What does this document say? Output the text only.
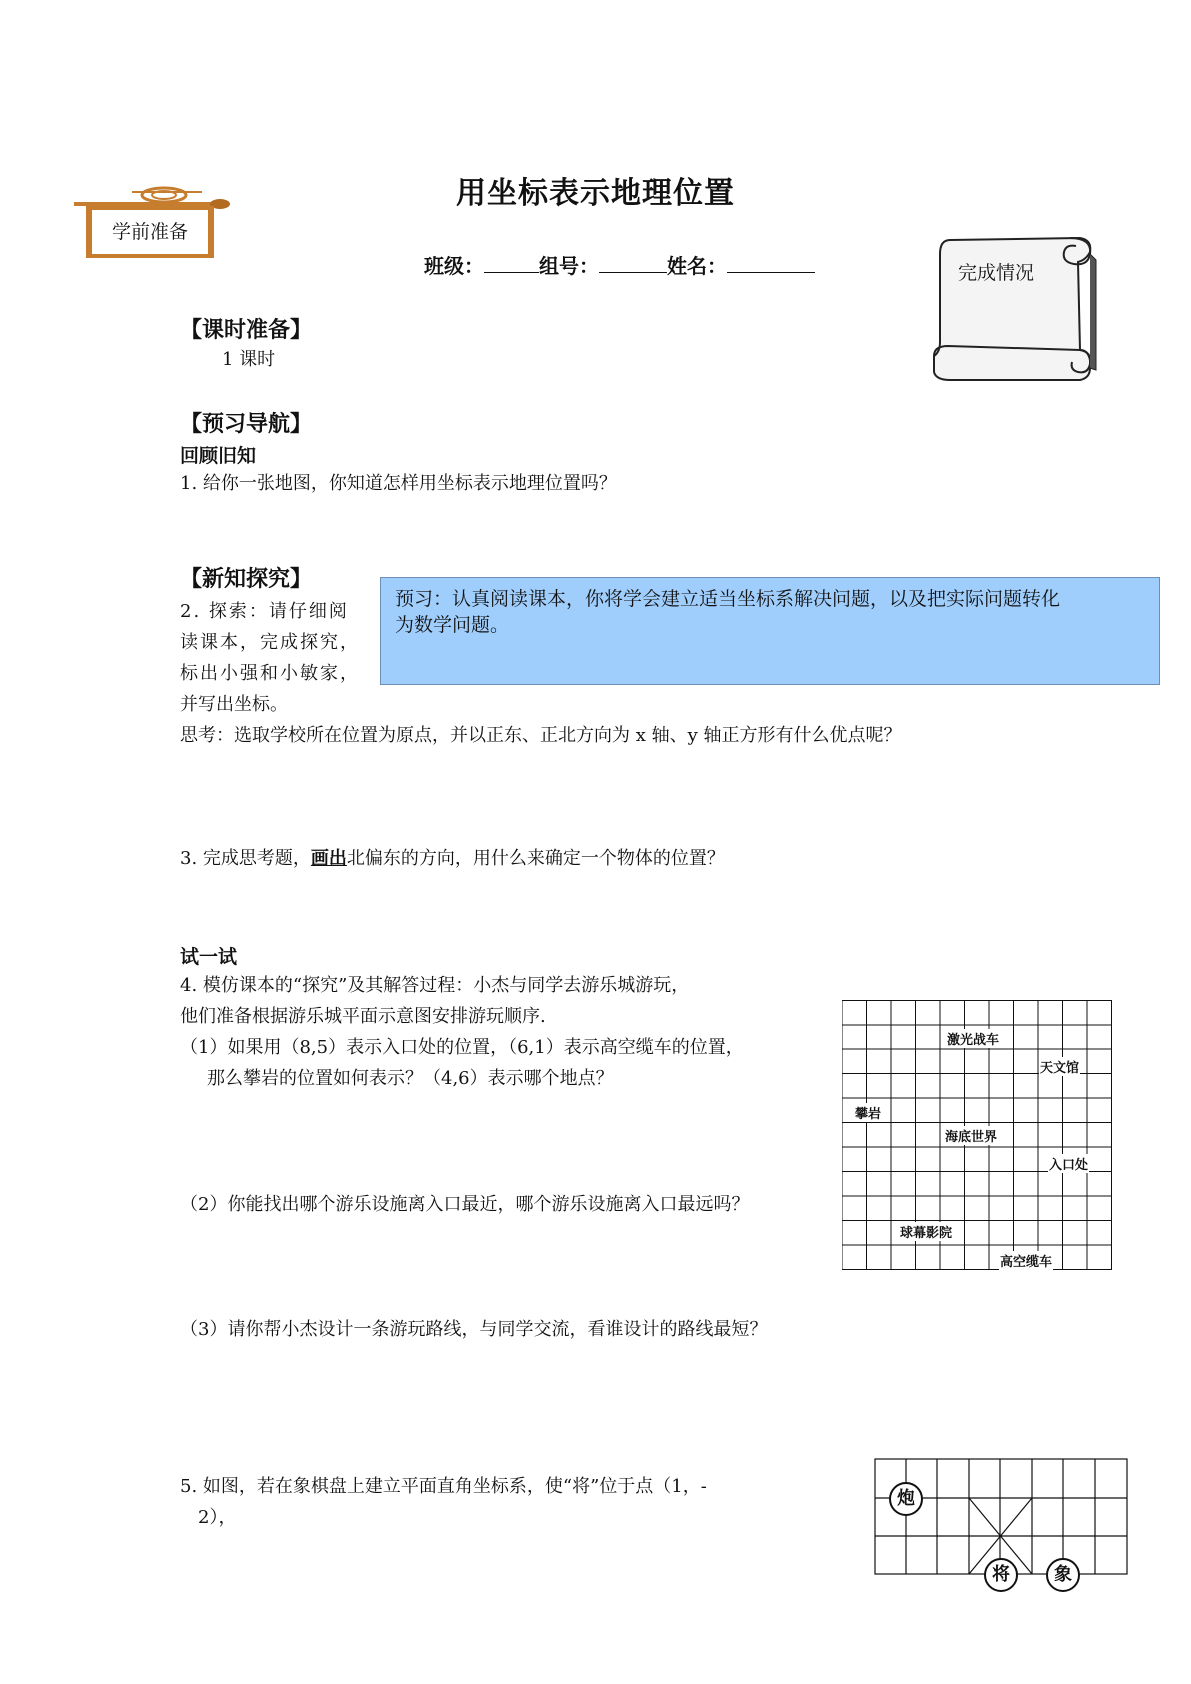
用坐标表示地理位置
学前准备
班级：	组号：	姓名：	完成情况
【课时准备】
1 课时
【预习导航】
回顾旧知
1. 给你一张地图，你知道怎样用坐标表示地理位置吗？
【新知探究】
2. 探索：请仔细阅
读课本，完成探究，
标出小强和小敏家，
并写出坐标。
预习：认真阅读课本，你将学会建立适当坐标系解决问题，以及把实际问题转化
为数学问题。
思考：选取学校所在位置为原点，并以正东、正北方向为 x 轴、y 轴正方形有什么优点呢？
3. 完成思考题，画出北偏东的方向，用什么来确定一个物体的位置？
试一试
4. 模仿课本的“探究”及其解答过程：小杰与同学去游乐城游玩，
他们准备根据游乐城平面示意图安排游玩顺序.
（1）如果用（8,5）表示入口处的位置，（6,1）表示高空缆车的位置，
那么攀岩的位置如何表示？（4,6）表示哪个地点？
（2）你能找出哪个游乐设施离入口最近，哪个游乐设施离入口最远吗？
（3）请你帮小杰设计一条游玩路线，与同学交流，看谁设计的路线最短？
激光战车
天文馆
攀岩
海底世界
入口处
球幕影院
高空缆车
5. 如图，若在象棋盘上建立平面直角坐标系，使“将”位于点（1，-
2），
炮
将	象
